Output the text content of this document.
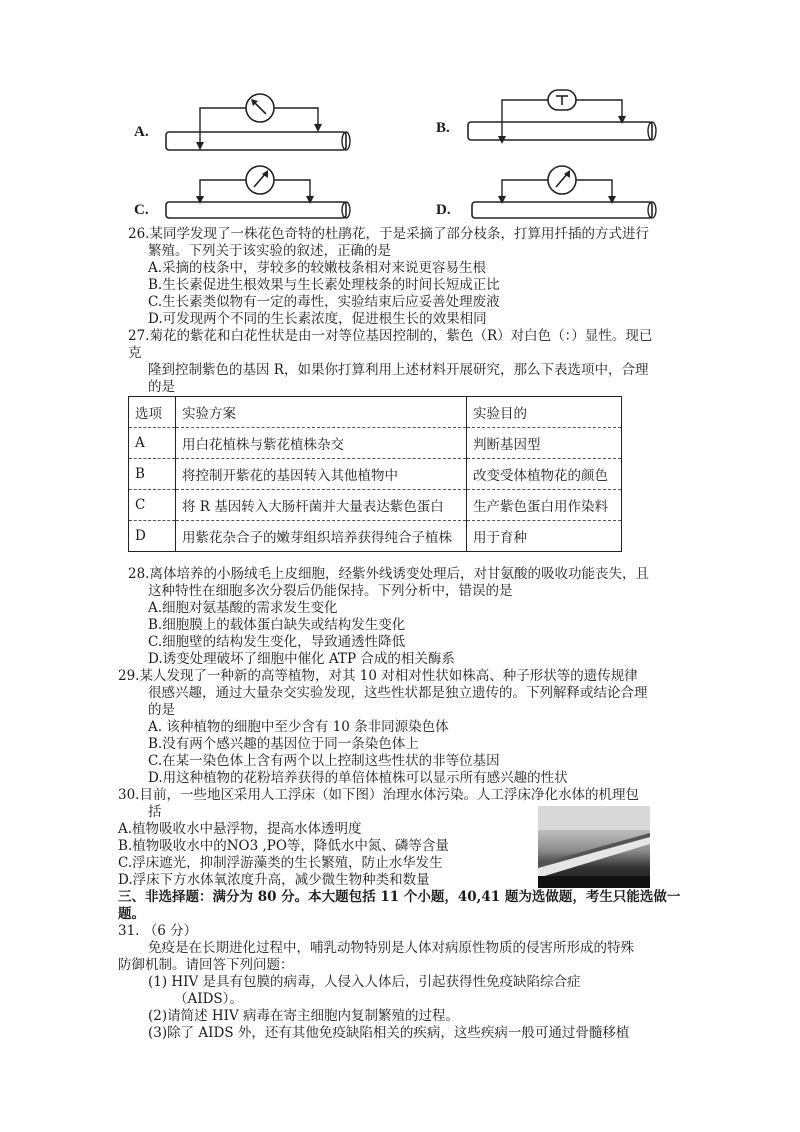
A.	B.
C.	D.
26.某同学发现了一株花色奇特的杜鹃花，于是采摘了部分枝条，打算用扦插的方式进行
繁殖。下列关于该实验的叙述，正确的是
A.采摘的枝条中，芽较多的较嫩枝条相对来说更容易生根
B.生长素促进生根效果与生长素处理枝条的时间长短成正比
C.生长素类似物有一定的毒性，实验结束后应妥善处理废液
D.可发现两个不同的生长素浓度，促进根生长的效果相同
27.菊花的紫花和白花性状是由一对等位基因控制的，紫色（R）对白色（：）显性。现已
克
隆到控制紫色的基因 R，如果你打算利用上述材料开展研究，那么下表选项中，合理
的是
选项	实验方案	实验目的
A	用白花植株与紫花植株杂交	判断基因型
B	将控制开紫花的基因转入其他植物中	改变受体植物花的颜色
C	将 R 基因转入大肠杆菌并大量表达紫色蛋白	生产紫色蛋白用作染料
D	用紫花杂合子的嫩芽组织培养获得纯合子植株	用于育种
28.离体培养的小肠绒毛上皮细胞，经紫外线诱变处理后，对甘氨酸的吸收功能丧失，且
这种特性在细胞多次分裂后仍能保持。下列分析中，错误的是
A.细胞对氨基酸的需求发生变化
B.细胞膜上的载体蛋白缺失或结构发生变化
C.细胞壁的结构发生变化，导致通透性降低
D.诱变处理破坏了细胞中催化 ATP 合成的相关酶系
29.某人发现了一种新的高等植物，对其 10 对相对性状如株高、种子形状等的遗传规律
很感兴趣，通过大量杂交实验发现，这些性状都是独立遗传的。下列解释或结论合理
的是
A. 该种植物的细胞中至少含有 10 条非同源染色体
B.没有两个感兴趣的基因位于同一条染色体上
C.在某一染色体上含有两个以上控制这些性状的非等位基因
D.用这种植物的花粉培养获得的单倍体植株可以显示所有感兴趣的性状
30.目前，一些地区采用人工浮床（如下图）治理水体污染。人工浮床净化水体的机理包
括
A.植物吸收水中悬浮物，提高水体透明度
B.植物吸收水中的NO3 ,PO等，降低水中氮、磷等含量
C.浮床遮光，抑制浮游藻类的生长繁殖，防止水华发生
D.浮床下方水体氧浓度升高，减少微生物种类和数量
三、非选择题：满分为 80 分。本大题包括 11 个小题，40,41 题为选做题，考生只能选做一
题。
31. （6 分）
免疫是在长期进化过程中，哺乳动物特别是人体对病原性物质的侵害所形成的特殊
防御机制。请回答下列问题：
(1) HIV 是具有包膜的病毒，人侵入人体后，引起获得性免疫缺陷综合症
（AIDS）。
(2)请简述 HIV 病毒在寄主细胞内复制繁殖的过程。
(3)除了 AIDS 外，还有其他免疫缺陷相关的疾病，这些疾病一般可通过骨髓移植
